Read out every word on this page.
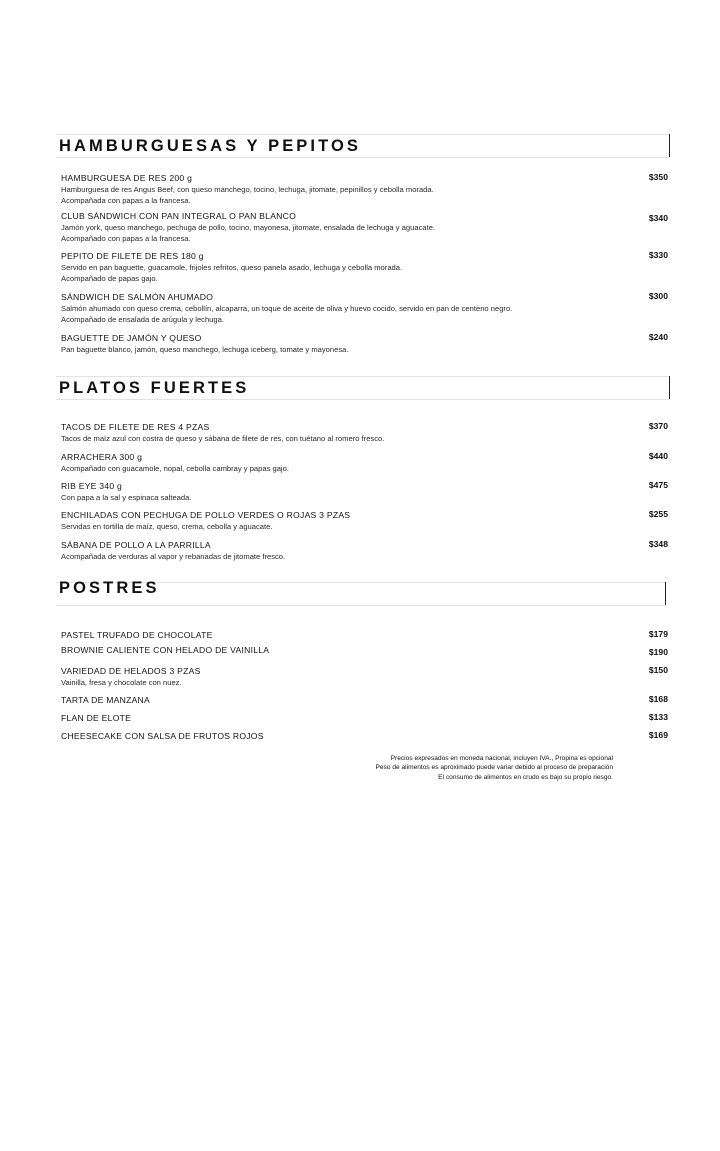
HAMBURGUESAS Y PEPITOS
HAMBURGUESA DE RES 200 g
Hamburguesa de res Angus Beef, con queso manchego, tocino, lechuga, jitomate, pepinillos y cebolla morada.
Acompañada con papas a la francesa.
$350
CLUB SÁNDWICH CON PAN INTEGRAL O PAN BLANCO
Jamón york, queso manchego, pechuga de pollo, tocino, mayonesa, jitomate, ensalada de lechuga y aguacate.
Acompañado con papas a la francesa.
$340
PEPITO DE FILETE DE RES 180 g
Servido en pan baguette, guacamole, frijoles refritos, queso panela asado, lechuga y cebolla morada.
Acompañado de papas gajo.
$330
SÁNDWICH DE SALMÓN AHUMADO
Salmón ahumado con queso crema, cebollín, alcaparra, un toque de aceite de oliva y huevo cocido, servido en pan de centeno negro.
Acompañado de ensalada de arúgula y lechuga.
$300
BAGUETTE DE JAMÓN Y QUESO
Pan baguette blanco, jamón, queso manchego, lechuga iceberg, tomate y mayonesa.
$240
PLATOS FUERTES
TACOS DE FILETE DE RES 4 PZAS
Tacos de maíz azul con costra de queso y sábana de filete de res, con tuétano al romero fresco.
$370
ARRACHERA 300 g
Acompañado con guacamole, nopal, cebolla cambray y papas gajo.
$440
RIB EYE 340 g
Con papa a la sal y espinaca salteada.
$475
ENCHILADAS CON PECHUGA DE POLLO VERDES O ROJAS 3 PZAS
Servidas en tortilla de maíz, queso, crema, cebolla y aguacate.
$255
SÁBANA DE POLLO A LA PARRILLA
Acompañada de verduras al vapor y rebanadas de jitomate fresco.
$348
POSTRES
PASTEL TRUFADO DE CHOCOLATE	$179
BROWNIE CALIENTE CON HELADO DE VAINILLA	$190
VARIEDAD DE HELADOS 3 PZAS
Vainilla, fresa y chocolate con nuez.
$150
TARTA DE MANZANA	$168
FLAN DE ELOTE	$133
CHEESECAKE CON SALSA DE FRUTOS ROJOS	$169
Precios expresados en moneda nacional, incluyen IVA., Propina es opcional
Peso de alimentos es aproximado puede variar debido al proceso de preparación
El consumo de alimentos en crudo es bajo su propio riesgo.
